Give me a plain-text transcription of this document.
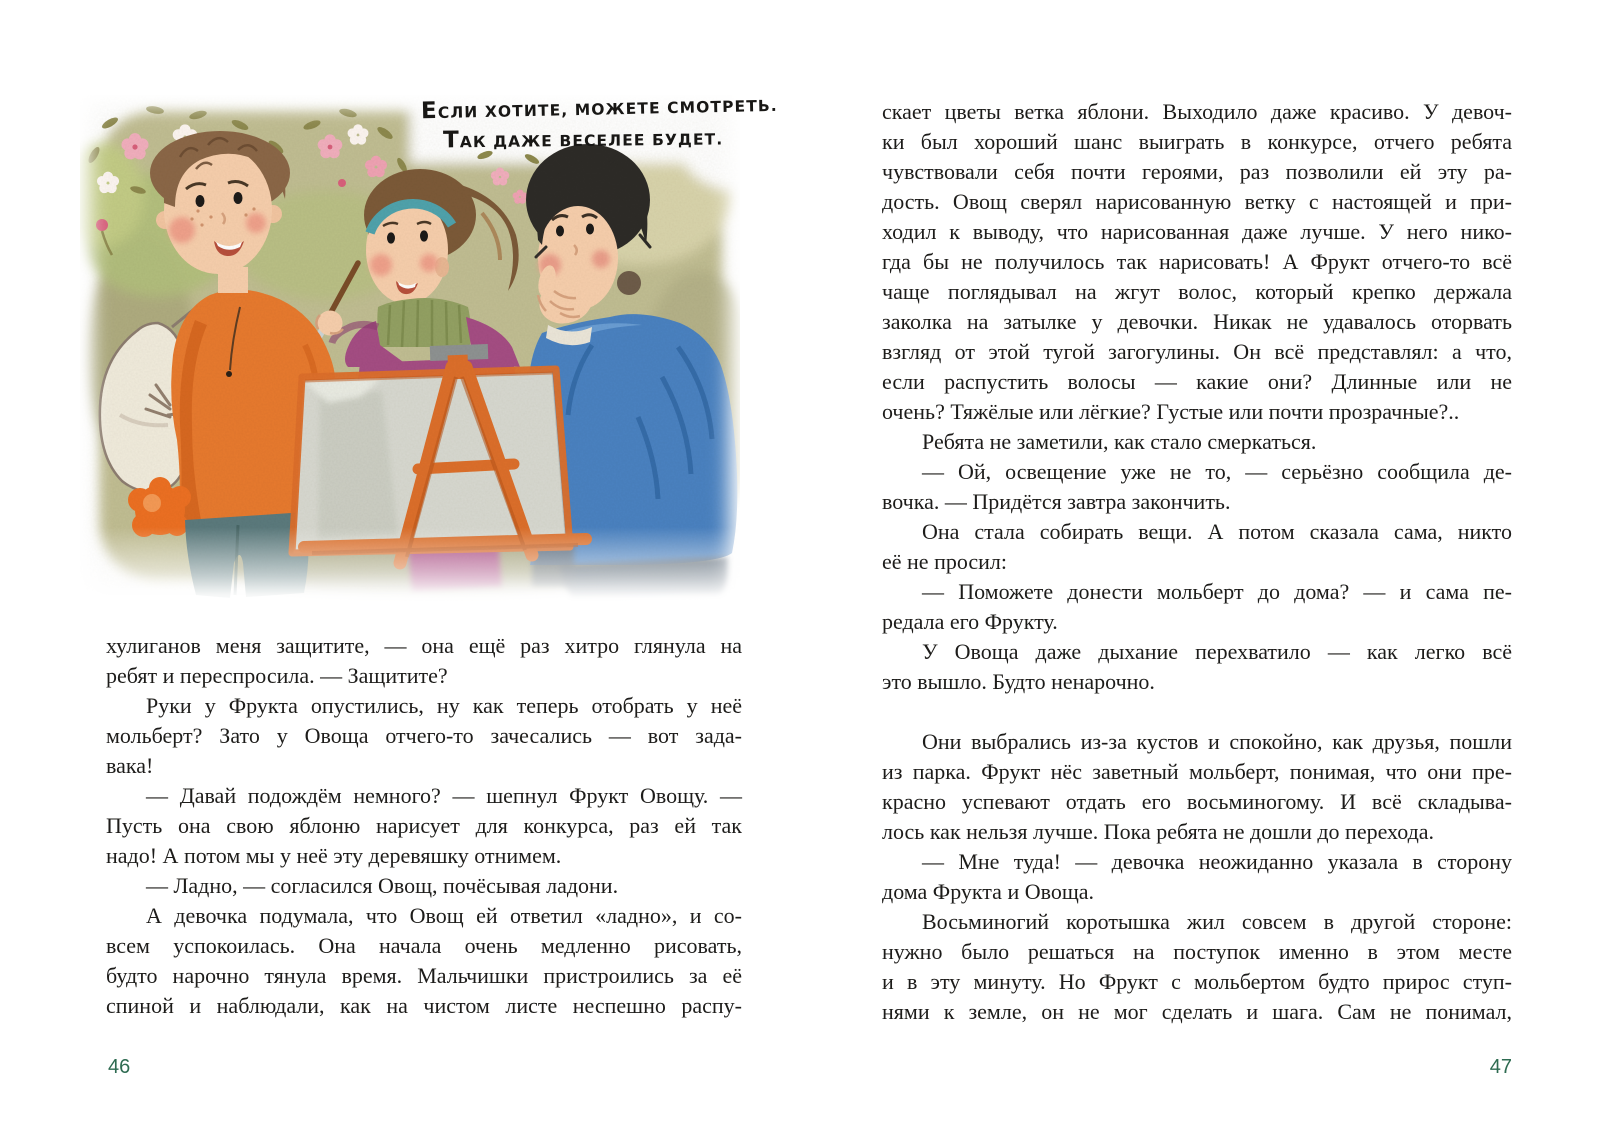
ЕСЛИ ХОТИТЕ, МОЖЕТЕ СМОТРЕТЬ.
ТАК ДАЖЕ ВЕСЕЛЕЕ БУДЕТ.
хулиганов меня защитите, — она ещё раз хитро глянула на
ребят и переспросила. — Защитите?
Руки у Фрукта опустились, ну как теперь отобрать у неё
мольберт? Зато у Овоща отчего-то зачесались — вот зада-
вака!
— Давай подождём немного? — шепнул Фрукт Овощу. —
Пусть она свою яблоню нарисует для конкурса, раз ей так
надо! А потом мы у неё эту деревяшку отнимем.
— Ладно, — согласился Овощ, почёсывая ладони.
А девочка подумала, что Овощ ей ответил «ладно», и со-
всем успокоилась. Она начала очень медленно рисовать,
будто нарочно тянула время. Мальчишки пристроились за её
спиной и наблюдали, как на чистом листе неспешно распу-
скает цветы ветка яблони. Выходило даже красиво. У девоч-
ки был хороший шанс выиграть в конкурсе, отчего ребята
чувствовали себя почти героями, раз позволили ей эту ра-
дость. Овощ сверял нарисованную ветку с настоящей и при-
ходил к выводу, что нарисованная даже лучше. У него нико-
гда бы не получилось так нарисовать! А Фрукт отчего-то всё
чаще поглядывал на жгут волос, который крепко держала
заколка на затылке у девочки. Никак не удавалось оторвать
взгляд от этой тугой загогулины. Он всё представлял: а что,
если распустить волосы — какие они? Длинные или не
очень? Тяжёлые или лёгкие? Густые или почти прозрачные?..
Ребята не заметили, как стало смеркаться.
— Ой, освещение уже не то, — серьёзно сообщила де-
вочка. — Придётся завтра закончить.
Она стала собирать вещи. А потом сказала сама, никто
её не просил:
— Поможете донести мольберт до дома? — и сама пе-
редала его Фрукту.
У Овоща даже дыхание перехватило — как легко всё
это вышло. Будто ненарочно.
Они выбрались из-за кустов и спокойно, как друзья, пошли
из парка. Фрукт нёс заветный мольберт, понимая, что они пре-
красно успевают отдать его восьминогому. И всё складыва-
лось как нельзя лучше. Пока ребята не дошли до перехода.
— Мне туда! — девочка неожиданно указала в сторону
дома Фрукта и Овоща.
Восьминогий коротышка жил совсем в другой стороне:
нужно было решаться на поступок именно в этом месте
и в эту минуту. Но Фрукт с мольбертом будто прирос ступ-
нями к земле, он не мог сделать и шага. Сам не понимал,
46	47
